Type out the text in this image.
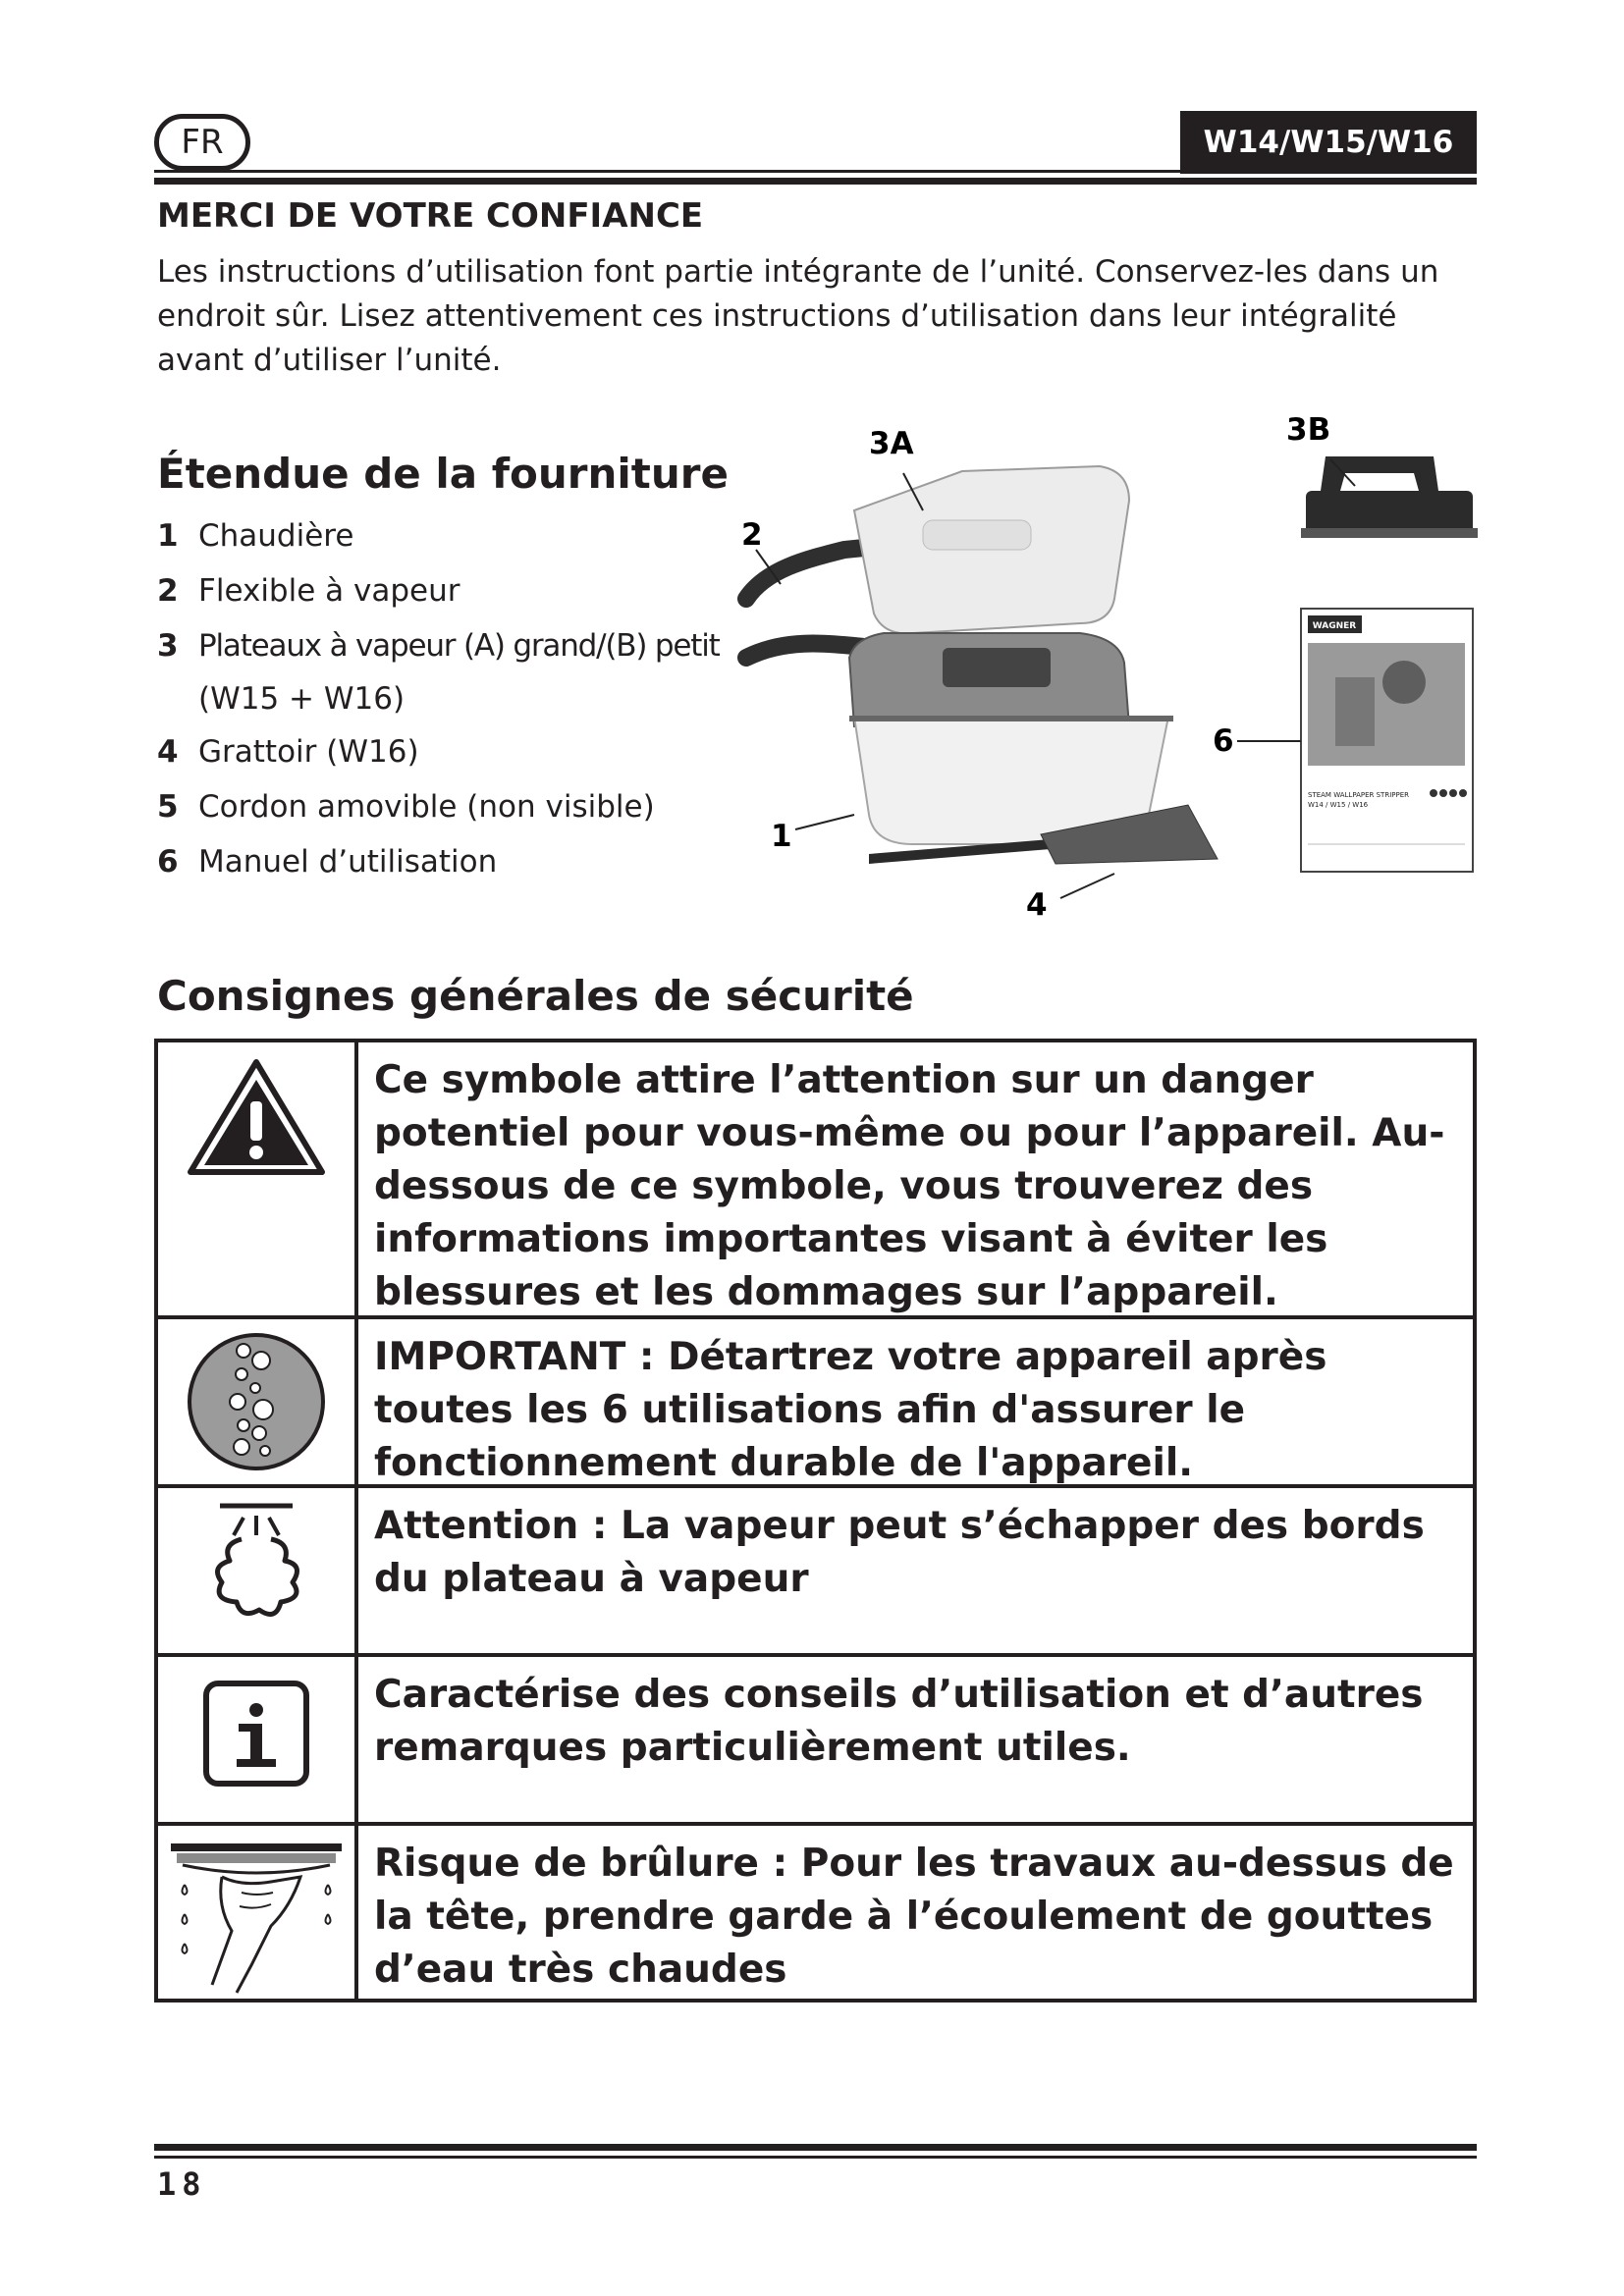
FR	W14/W15/W16
MERCI DE VOTRE CONFIANCE
Les instructions d’utilisation font partie intégrante de l’unité. Conservez-les dans un endroit sûr. Lisez attentivement ces instructions d’utilisation dans leur intégralité avant d’utiliser l’unité.
Étendue de la fourniture
1 Chaudière
2 Flexible à vapeur
3 Plateaux à vapeur (A) grand/(B) petit
(W15 + W16)
4 Grattoir (W16)
5 Cordon amovible (non visible)
6 Manuel d’utilisation
WAGNER
STEAM WALLPAPER STRIPPER
W14 / W15 / W16
3A	3B
2
6
1
4
Consignes générales de sécurité
Ce symbole attire l’attention sur un danger potentiel pour vous-même ou pour l’appareil. Au-dessous de ce symbole, vous trouverez des informations importantes visant à éviter les blessures et les dommages sur l’appareil.
IMPORTANT : Détartrez votre appareil après toutes les 6 utilisations afin d'assurer le fonctionnement durable de l'appareil.
Attention : La vapeur peut s’échapper des bords du plateau à vapeur
Caractérise des conseils d’utilisation et d’autres remarques particulièrement utiles.
Risque de brûlure : Pour les travaux au-dessus de la tête, prendre garde à l’écoulement de gouttes d’eau très chaudes
18
